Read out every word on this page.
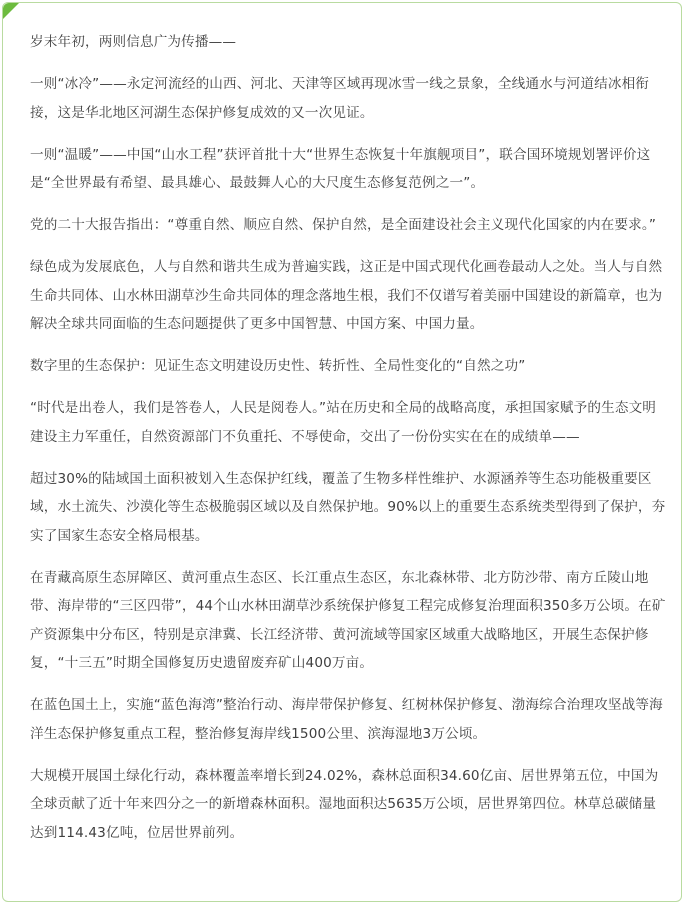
岁末年初，两则信息广为传播——

一则“冰冷”——永定河流经的山西、河北、天津等区域再现冰雪一线之景象，全线通水与河道结冰相衔接，这是华北地区河湖生态保护修复成效的又一次见证。

一则“温暖”——中国“山水工程”获评首批十大“世界生态恢复十年旗舰项目”，联合国环境规划署评价这是“全世界最有希望、最具雄心、最鼓舞人心的大尺度生态修复范例之一”。

党的二十大报告指出：“尊重自然、顺应自然、保护自然，是全面建设社会主义现代化国家的内在要求。”

绿色成为发展底色，人与自然和谐共生成为普遍实践，这正是中国式现代化画卷最动人之处。当人与自然生命共同体、山水林田湖草沙生命共同体的理念落地生根，我们不仅谱写着美丽中国建设的新篇章，也为解决全球共同面临的生态问题提供了更多中国智慧、中国方案、中国力量。

数字里的生态保护：见证生态文明建设历史性、转折性、全局性变化的“自然之功”

“时代是出卷人，我们是答卷人，人民是阅卷人。”站在历史和全局的战略高度，承担国家赋予的生态文明建设主力军重任，自然资源部门不负重托、不辱使命，交出了一份份实实在在的成绩单——

超过30%的陆域国土面积被划入生态保护红线，覆盖了生物多样性维护、水源涵养等生态功能极重要区域，水土流失、沙漠化等生态极脆弱区域以及自然保护地。90%以上的重要生态系统类型得到了保护，夯实了国家生态安全格局根基。

在青藏高原生态屏障区、黄河重点生态区、长江重点生态区，东北森林带、北方防沙带、南方丘陵山地带、海岸带的“三区四带”，44个山水林田湖草沙系统保护修复工程完成修复治理面积350多万公顷。在矿产资源集中分布区，特别是京津冀、长江经济带、黄河流域等国家区域重大战略地区，开展生态保护修复，“十三五”时期全国修复历史遗留废弃矿山400万亩。

在蓝色国土上，实施“蓝色海湾”整治行动、海岸带保护修复、红树林保护修复、渤海综合治理攻坚战等海洋生态保护修复重点工程，整治修复海岸线1500公里、滨海湿地3万公顷。

大规模开展国土绿化行动，森林覆盖率增长到24.02%，森林总面积34.60亿亩、居世界第五位，中国为全球贡献了近十年来四分之一的新增森林面积。湿地面积达5635万公顷，居世界第四位。林草总碳储量达到114.43亿吨，位居世界前列。
